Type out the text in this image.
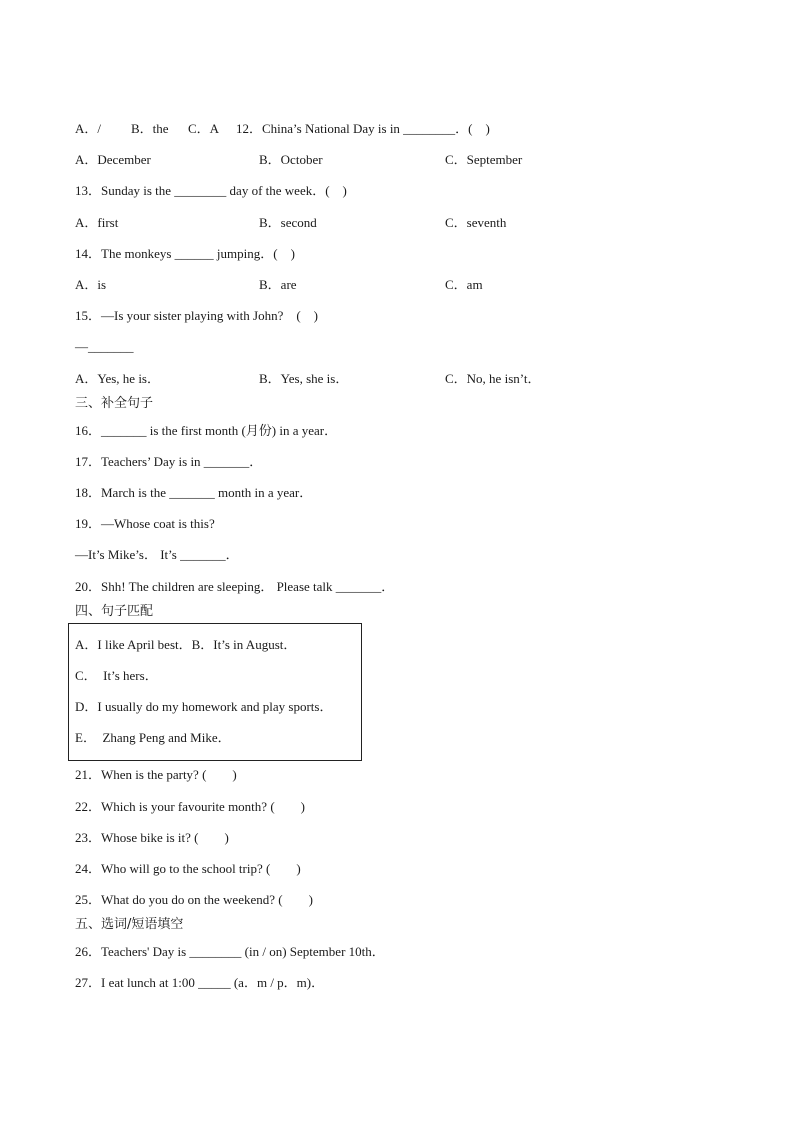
A．/ B．the C．A 12．China’s National Day is in ________．(　)
A．December	B．October	C．September
13．Sunday is the ________ day of the week．(　)
A．first	B．second	C．seventh
14．The monkeys ______ jumping．(　)
A．is	B．are	C．am
15．—Is your sister playing with John?　(　)
—_______
A．Yes, he is．	B．Yes, she is．	C．No, he isn’t．
三、补全句子
16．_______ is the first month (月份) in a year．
17．Teachers’ Day is in _______．
18．March is the _______ month in a year．
19．—Whose coat is this?
—It’s Mike’s． It’s _______．
20．Shh! The children are sleeping． Please talk _______．
四、句子匹配
A．I like April best．B．It’s in August．
C．  It’s hers．
D．I usually do my homework and play sports．
E．  Zhang Peng and Mike．
21．When is the party? (　　)
22．Which is your favourite month? (　　)
23．Whose bike is it? (　　)
24．Who will go to the school trip? (　　)
25．What do you do on the weekend? (　　)
五、选词/短语填空
26．Teachers' Day is ________ (in / on) September 10th．
27．I eat lunch at 1:00 _____ (a．m / p．m)．
